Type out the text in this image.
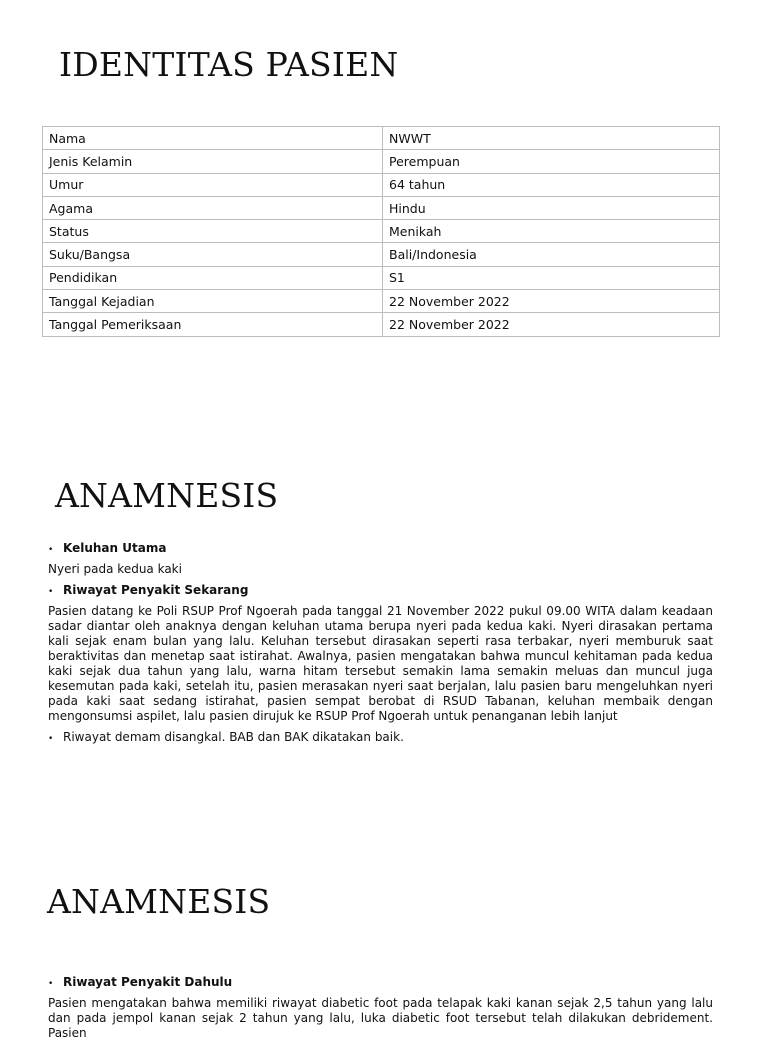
IDENTITAS PASIEN
Nama	NWWT
Jenis Kelamin	Perempuan
Umur	64 tahun
Agama	Hindu
Status	Menikah
Suku/Bangsa	Bali/Indonesia
Pendidikan	S1
Tanggal Kejadian	22 November 2022
Tanggal Pemeriksaan	22 November 2022
ANAMNESIS
• Keluhan Utama

Nyeri pada kedua kaki

• Riwayat Penyakit Sekarang

Pasien datang ke Poli RSUP Prof Ngoerah pada tanggal 21 November 2022 pukul 09.00 WITA dalam keadaan sadar diantar oleh anaknya dengan keluhan utama berupa nyeri pada kedua kaki. Nyeri dirasakan pertama kali sejak enam bulan yang lalu. Keluhan tersebut dirasakan seperti rasa terbakar, nyeri memburuk saat beraktivitas dan menetap saat istirahat. Awalnya, pasien mengatakan bahwa muncul kehitaman pada kedua kaki sejak dua tahun yang lalu, warna hitam tersebut semakin lama semakin meluas dan muncul juga kesemutan pada kaki, setelah itu, pasien merasakan nyeri saat berjalan, lalu pasien baru mengeluhkan nyeri pada kaki saat sedang istirahat, pasien sempat berobat di RSUD Tabanan, keluhan membaik dengan mengonsumsi aspilet, lalu pasien dirujuk ke RSUP Prof Ngoerah untuk penanganan lebih lanjut

• Riwayat demam disangkal. BAB dan BAK dikatakan baik.
ANAMNESIS
• Riwayat Penyakit Dahulu

Pasien mengatakan bahwa memiliki riwayat diabetic foot pada telapak kaki kanan sejak 2,5 tahun yang lalu dan pada jempol kanan sejak 2 tahun yang lalu, luka diabetic foot tersebut telah dilakukan debridement. Pasien
